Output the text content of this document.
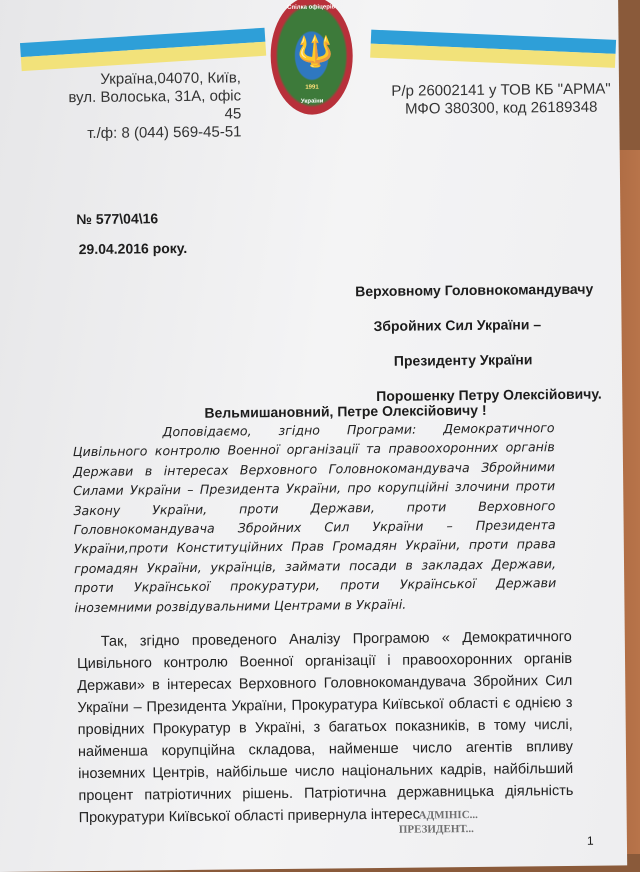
Спілка офіцерів
🔱
1991
України
Україна,04070, Київ,
вул. Волоська, 31А, офіс 45
т./ф: 8 (044) 569-45-51
Р/р 26002141 у ТОВ КБ "АРМА"
МФО 380300, код 26189348
№ 577\04\16
29.04.2016 року.
Верховному Головнокомандувачу
Збройних Сил України –
Президенту України
Порошенку Петру Олексійовичу.
Вельмишановний, Петре Олексійовичу !
Доповідаємо, згідно Програми: Демократичного Цивільного контролю Военної організації та правоохоронних органів Держави в інтересах Верховного Головнокомандувача Збройними Силами України – Президента України, про корупційні злочини проти Закону України, проти Держави, проти Верховного Головнокомандувача Збройних Сил України – Президента України,проти Конституційних Прав Громадян України, проти права громадян України, українців, займати посади в закладах Держави, проти Української прокуратури, проти Української Держави іноземними розвідувальними Центрами в Україні.
Так, згідно проведеного Аналізу Програмою « Демократичного Цивільного контролю Военної організації і правоохоронних органів Держави» в інтересах Верховного Головнокомандувача Збройних Сил України – Президента України, Прокуратура Київської області є однією з провідних Прокуратур в Україні, з багатьох показників, в тому числі, найменша корупційна складова, найменше число агентів впливу іноземних Центрів, найбільше число національних кадрів, найбільший процент патріотичних рішень. Патріотична державницька діяльність Прокуратури Київської області привернула інтерес
АДМІНІС...
ПРЕЗИДЕНТ...
1
